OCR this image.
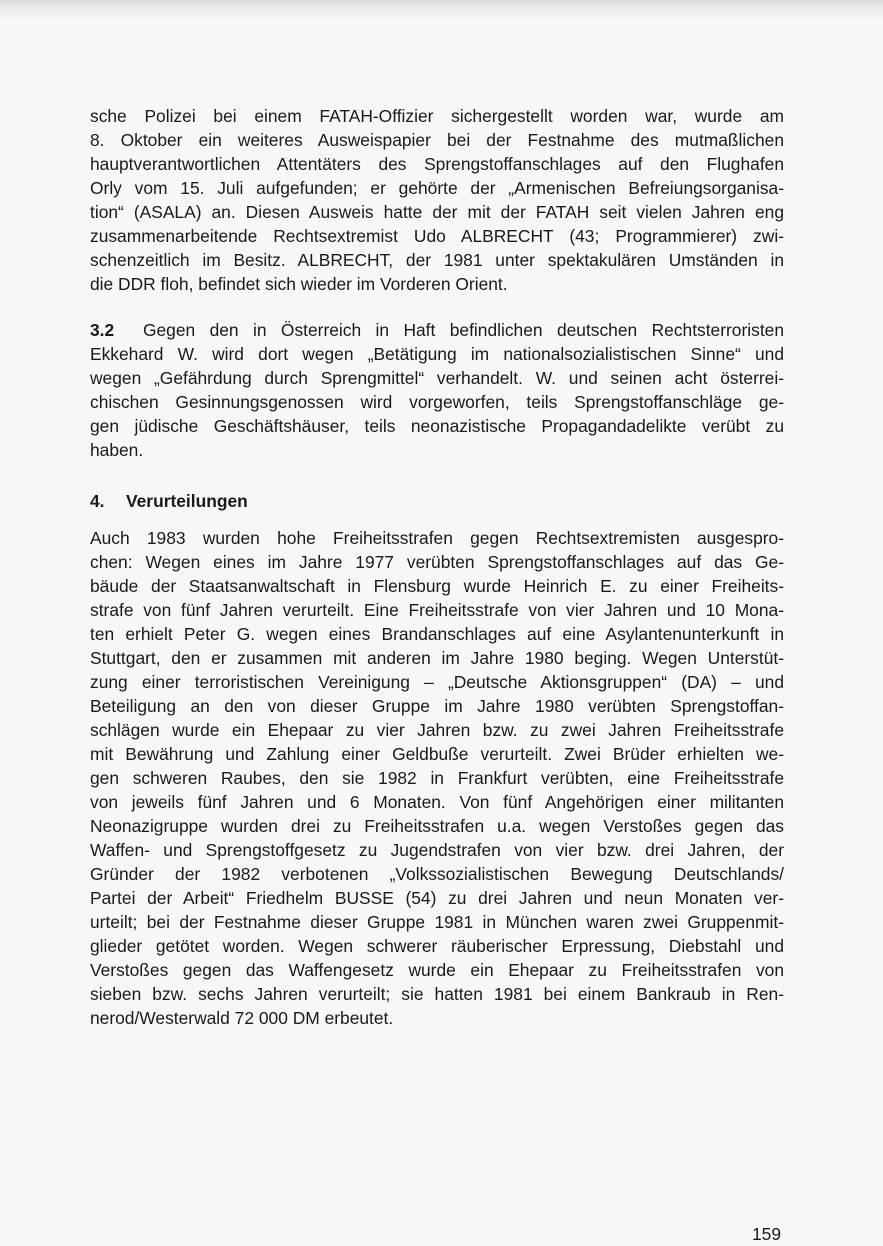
sche Polizei bei einem FATAH-Offizier sichergestellt worden war, wurde am
8. Oktober ein weiteres Ausweispapier bei der Festnahme des mutmaßlichen
hauptverantwortlichen Attentäters des Sprengstoffanschlages auf den Flughafen
Orly vom 15. Juli aufgefunden; er gehörte der „Armenischen Befreiungsorganisa-
tion“ (ASALA) an. Diesen Ausweis hatte der mit der FATAH seit vielen Jahren eng
zusammenarbeitende Rechtsextremist Udo ALBRECHT (43; Programmierer) zwi-
schenzeitlich im Besitz. ALBRECHT, der 1981 unter spektakulären Umständen in
die DDR floh, befindet sich wieder im Vorderen Orient.
3.2 Gegen den in Österreich in Haft befindlichen deutschen Rechtsterroristen
Ekkehard W. wird dort wegen „Betätigung im nationalsozialistischen Sinne“ und
wegen „Gefährdung durch Sprengmittel“ verhandelt. W. und seinen acht österrei-
chischen Gesinnungsgenossen wird vorgeworfen, teils Sprengstoffanschläge ge-
gen jüdische Geschäftshäuser, teils neonazistische Propagandadelikte verübt zu
haben.
4. Verurteilungen
Auch 1983 wurden hohe Freiheitsstrafen gegen Rechtsextremisten ausgespro-
chen: Wegen eines im Jahre 1977 verübten Sprengstoffanschlages auf das Ge-
bäude der Staatsanwaltschaft in Flensburg wurde Heinrich E. zu einer Freiheits-
strafe von fünf Jahren verurteilt. Eine Freiheitsstrafe von vier Jahren und 10 Mona-
ten erhielt Peter G. wegen eines Brandanschlages auf eine Asylantenunterkunft in
Stuttgart, den er zusammen mit anderen im Jahre 1980 beging. Wegen Unterstüt-
zung einer terroristischen Vereinigung – „Deutsche Aktionsgruppen“ (DA) – und
Beteiligung an den von dieser Gruppe im Jahre 1980 verübten Sprengstoffan-
schlägen wurde ein Ehepaar zu vier Jahren bzw. zu zwei Jahren Freiheitsstrafe
mit Bewährung und Zahlung einer Geldbuße verurteilt. Zwei Brüder erhielten we-
gen schweren Raubes, den sie 1982 in Frankfurt verübten, eine Freiheitsstrafe
von jeweils fünf Jahren und 6 Monaten. Von fünf Angehörigen einer militanten
Neonazigruppe wurden drei zu Freiheitsstrafen u.a. wegen Verstoßes gegen das
Waffen- und Sprengstoffgesetz zu Jugendstrafen von vier bzw. drei Jahren, der
Gründer der 1982 verbotenen „Volkssozialistischen Bewegung Deutschlands/
Partei der Arbeit“ Friedhelm BUSSE (54) zu drei Jahren und neun Monaten ver-
urteilt; bei der Festnahme dieser Gruppe 1981 in München waren zwei Gruppenmit-
glieder getötet worden. Wegen schwerer räuberischer Erpressung, Diebstahl und
Verstoßes gegen das Waffengesetz wurde ein Ehepaar zu Freiheitsstrafen von
sieben bzw. sechs Jahren verurteilt; sie hatten 1981 bei einem Bankraub in Ren-
nerod/Westerwald 72 000 DM erbeutet.
159
